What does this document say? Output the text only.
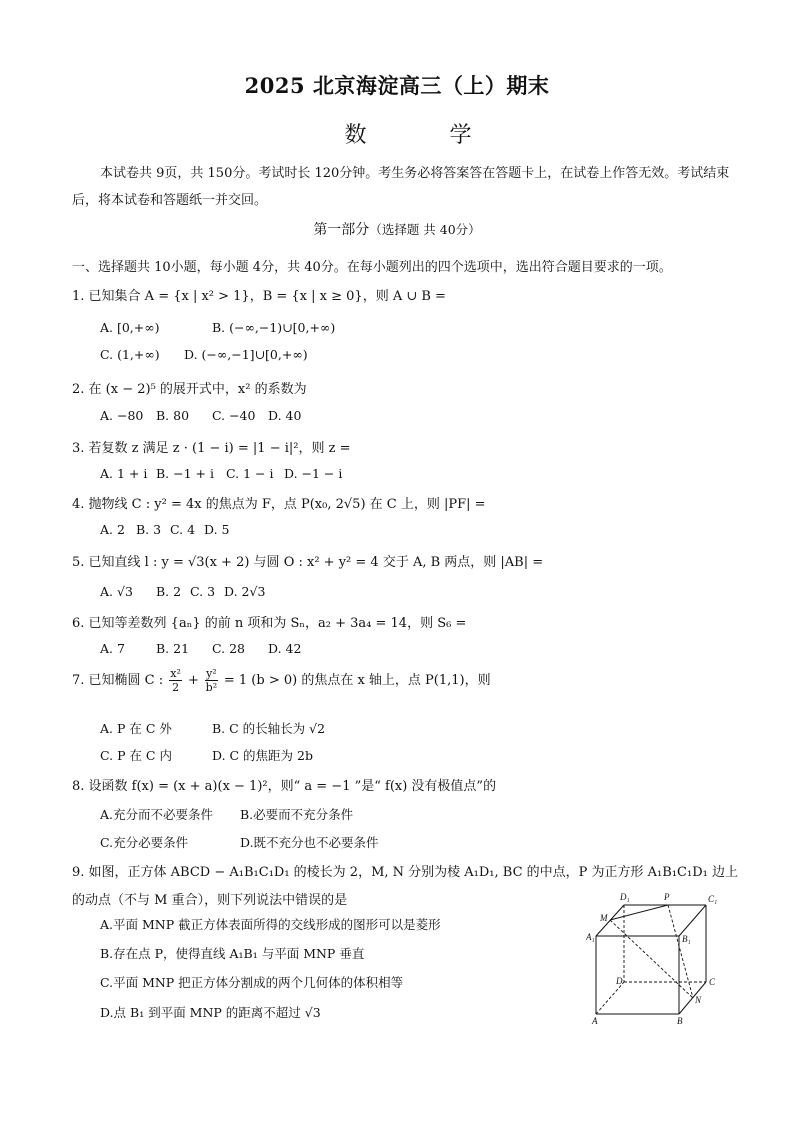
2025 北京海淀高三（上）期末
数 学
本试卷共 9页，共 150分。考试时长 120分钟。考生务必将答案答在答题卡上，在试卷上作答无效。考试结束后，将本试卷和答题纸一并交回。
第一部分（选择题 共 40分）
一、选择题共 10小题，每小题 4分，共 40分。在每小题列出的四个选项中，选出符合题目要求的一项。
1. 已知集合 A = {x | x² > 1}，B = {x | x ≥ 0}，则 A ∪ B =
A. [0,+∞)	B. (−∞,−1)∪[0,+∞)
C. (1,+∞) D. (−∞,−1]∪[0,+∞)
2. 在 (x − 2)⁵ 的展开式中，x² 的系数为
A. −80 B. 80 C. −40 D. 40
3. 若复数 z 满足 z · (1 − i) = |1 − i|²，则 z =
A. 1 + i B. −1 + i C. 1 − i D. −1 − i
4. 抛物线 C : y² = 4x 的焦点为 F，点 P(x₀, 2√5) 在 C 上，则 |PF| =
A. 2 B. 3 C. 4 D. 5
5. 已知直线 l : y = √3(x + 2) 与圆 O : x² + y² = 4 交于 A, B 两点，则 |AB| =
A. √3 B. 2 C. 3 D. 2√3
6. 已知等差数列 {aₙ} 的前 n 项和为 Sₙ，a₂ + 3a₄ = 14，则 S₆ =
A. 7 B. 21 C. 28 D. 42
7. 已知椭圆 C : $\frac{\text{x²}}{2} + \frac{\text{y²}}{\text{b²}} = 1$ (b > 0) 的焦点在 x 轴上，点 P(1,1)，则
A. P 在 C 外	B. C 的长轴长为 √2
C. P 在 C 内	D. C 的焦距为 2b
8. 设函数 f(x) = (x + a)(x − 1)²，则“ a = −1 ”是“ f(x) 没有极值点”的
A.充分而不必要条件 B.必要而不充分条件
C.充分必要条件	D.既不充分也不必要条件
9. 如图，正方体 ABCD − A₁B₁C₁D₁ 的棱长为 2，M, N 分别为棱 A₁D₁, BC 的中点，P 为正方形 A₁B₁C₁D₁ 边上
的动点（不与 M 重合），则下列说法中错误的是
A.平面 MNP 截正方体表面所得的交线形成的图形可以是菱形
B.存在点 P，使得直线 A₁B₁ 与平面 MNP 垂直
C.平面 MNP 把正方体分割成的两个几何体的体积相等
D.点 B₁ 到平面 MNP 的距离不超过 √3
D₁	P	C₁
M
A₁	B₁
D	C
N
A	B
